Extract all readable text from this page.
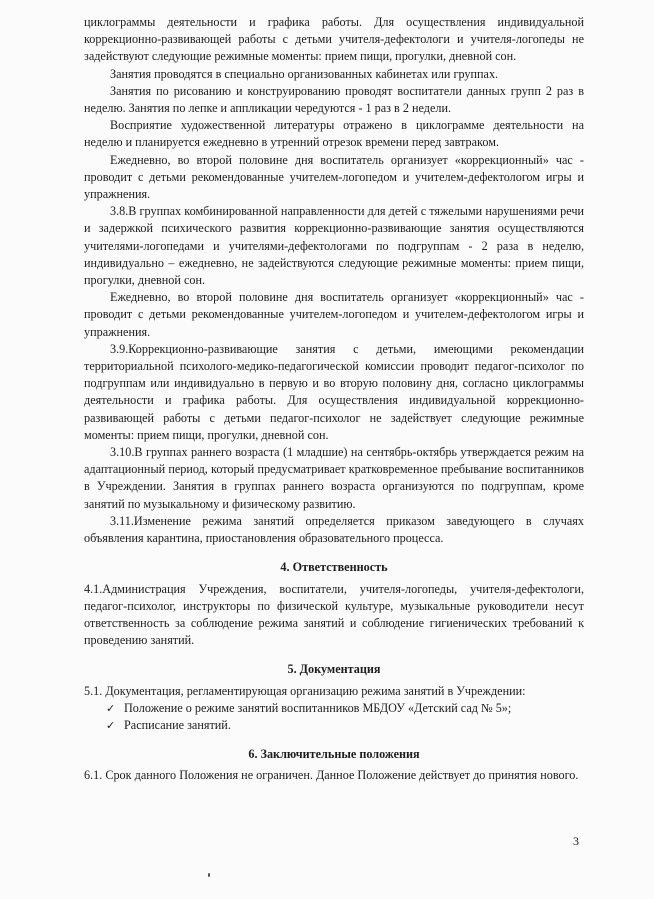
циклограммы деятельности и графика работы. Для осуществления индивидуальной коррекционно-развивающей работы с детьми учителя-дефектологи и учителя-логопеды не задействуют следующие режимные моменты: прием пищи, прогулки, дневной сон.

Занятия проводятся в специально организованных кабинетах или группах.

Занятия по рисованию и конструированию проводят воспитатели данных групп 2 раз в неделю. Занятия по лепке и аппликации чередуются - 1 раз в 2 недели.

Восприятие художественной литературы отражено в циклограмме деятельности на неделю и планируется ежедневно в утренний отрезок времени перед завтраком.

Ежедневно, во второй половине дня воспитатель организует «коррекционный» час - проводит с детьми рекомендованные учителем-логопедом и учителем-дефектологом игры и упражнения.

3.8.В группах комбинированной направленности для детей с тяжелыми нарушениями речи и задержкой психического развития коррекционно-развивающие занятия осуществляются учителями-логопедами и учителями-дефектологами по подгруппам - 2 раза в неделю, индивидуально – ежедневно, не задействуются следующие режимные моменты: прием пищи, прогулки, дневной сон.

Ежедневно, во второй половине дня воспитатель организует «коррекционный» час - проводит с детьми рекомендованные учителем-логопедом и учителем-дефектологом игры и упражнения.

3.9.Коррекционно-развивающие занятия с детьми, имеющими рекомендации территориальной психолого-медико-педагогической комиссии проводит педагог-психолог по подгруппам или индивидуально в первую и во вторую половину дня, согласно циклограммы деятельности и графика работы. Для осуществления индивидуальной коррекционно-развивающей работы с детьми педагог-психолог не задействует следующие режимные моменты: прием пищи, прогулки, дневной сон.

3.10.В группах раннего возраста (1 младшие) на сентябрь-октябрь утверждается режим на адаптационный период, который предусматривает кратковременное пребывание воспитанников в Учреждении. Занятия в группах раннего возраста организуются по подгруппам, кроме занятий по музыкальному и физическому развитию.

3.11.Изменение режима занятий определяется приказом заведующего в случаях объявления карантина, приостановления образовательного процесса.

4. Ответственность

4.1.Администрация Учреждения, воспитатели, учителя-логопеды, учителя-дефектологи, педагог-психолог, инструкторы по физической культуре, музыкальные руководители несут ответственность за соблюдение режима занятий и соблюдение гигиенических требований к проведению занятий.

5. Документация

5.1. Документация, регламентирующая организацию режима занятий в Учреждении:

✓ Положение о режиме занятий воспитанников МБДОУ «Детский сад № 5»;
✓ Расписание занятий.
6. Заключительные положения

6.1. Срок данного Положения не ограничен. Данное Положение действует до принятия нового.

3
